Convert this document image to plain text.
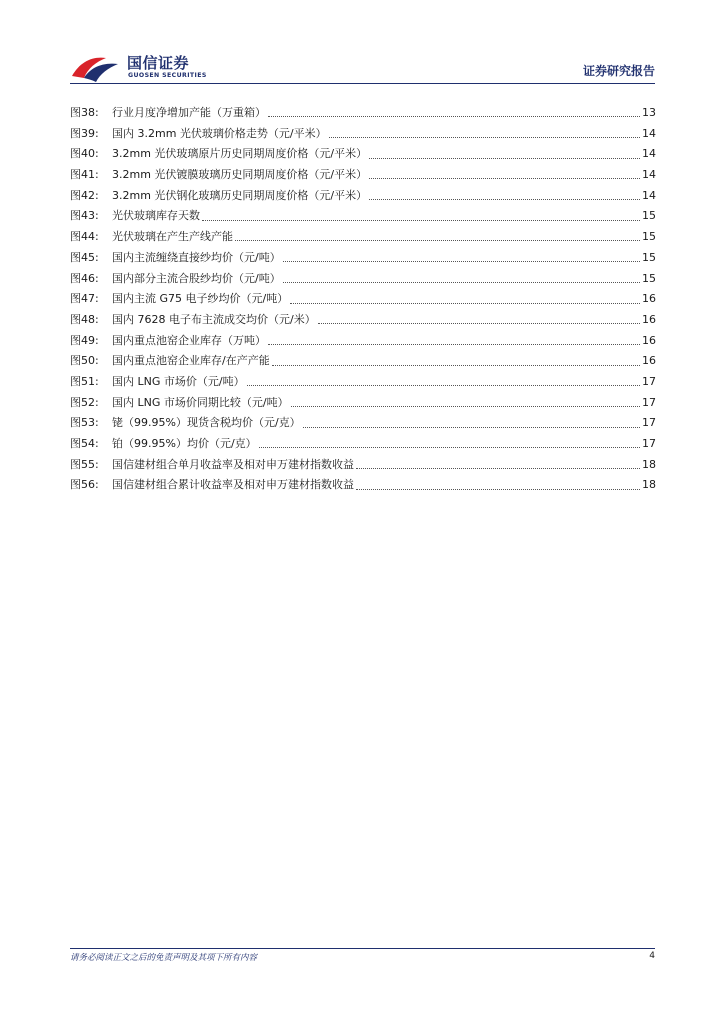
国信证券
GUOSEN SECURITIES	证券研究报告
图38:	行业月度净增加产能（万重箱）	13
图39:	国内 3.2mm 光伏玻璃价格走势（元/平米）	14
图40:	3.2mm 光伏玻璃原片历史同期周度价格（元/平米）	14
图41:	3.2mm 光伏镀膜玻璃历史同期周度价格（元/平米）	14
图42:	3.2mm 光伏钢化玻璃历史同期周度价格（元/平米）	14
图43:	光伏玻璃库存天数	15
图44:	光伏玻璃在产生产线产能	15
图45:	国内主流缠绕直接纱均价（元/吨）	15
图46:	国内部分主流合股纱均价（元/吨）	15
图47:	国内主流 G75 电子纱均价（元/吨）	16
图48:	国内 7628 电子布主流成交均价（元/米）	16
图49:	国内重点池窑企业库存（万吨）	16
图50:	国内重点池窑企业库存/在产产能	16
图51:	国内 LNG 市场价（元/吨）	17
图52:	国内 LNG 市场价同期比较（元/吨）	17
图53:	铑（99.95%）现货含税均价（元/克）	17
图54:	铂（99.95%）均价（元/克）	17
图55:	国信建材组合单月收益率及相对申万建材指数收益	18
图56:	国信建材组合累计收益率及相对申万建材指数收益	18
请务必阅读正文之后的免责声明及其项下所有内容	4
